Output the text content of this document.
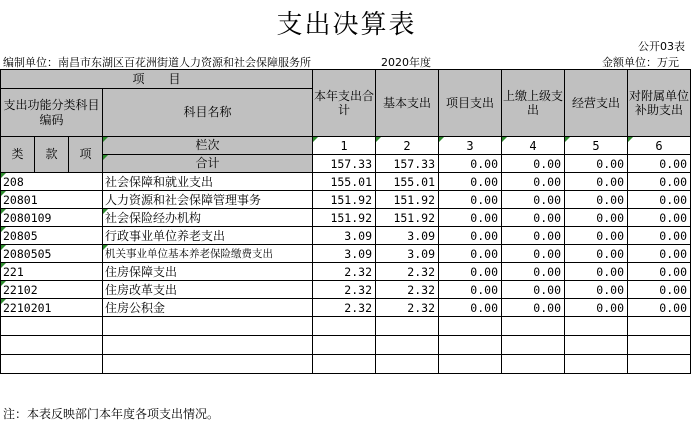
支出决算表
公开03表
编制单位：南昌市东湖区百花洲街道人力资源和社会保障服务所	2020年度	金额单位：万元
项　　目				本年支出合计	基本支出	项目支出	上缴上级支出	经营支出	对附属单位补助支出
支出功能分类科目编码			科目名称						

类	款	项	栏次	1	2	3	4	5	6
			合计	157.33	157.33	0.00	0.00	0.00	0.00
208			社会保障和就业支出	155.01	155.01	0.00	0.00	0.00	0.00
20801			人力资源和社会保障管理事务	151.92	151.92	0.00	0.00	0.00	0.00
2080109			社会保险经办机构	151.92	151.92	0.00	0.00	0.00	0.00
20805			行政事业单位养老支出	3.09	3.09	0.00	0.00	0.00	0.00
2080505			机关事业单位基本养老保险缴费支出	3.09	3.09	0.00	0.00	0.00	0.00
221			住房保障支出	2.32	2.32	0.00	0.00	0.00	0.00
22102			住房改革支出	2.32	2.32	0.00	0.00	0.00	0.00
2210201			住房公积金	2.32	2.32	0.00	0.00	0.00	0.00

注：本表反映部门本年度各项支出情况。
